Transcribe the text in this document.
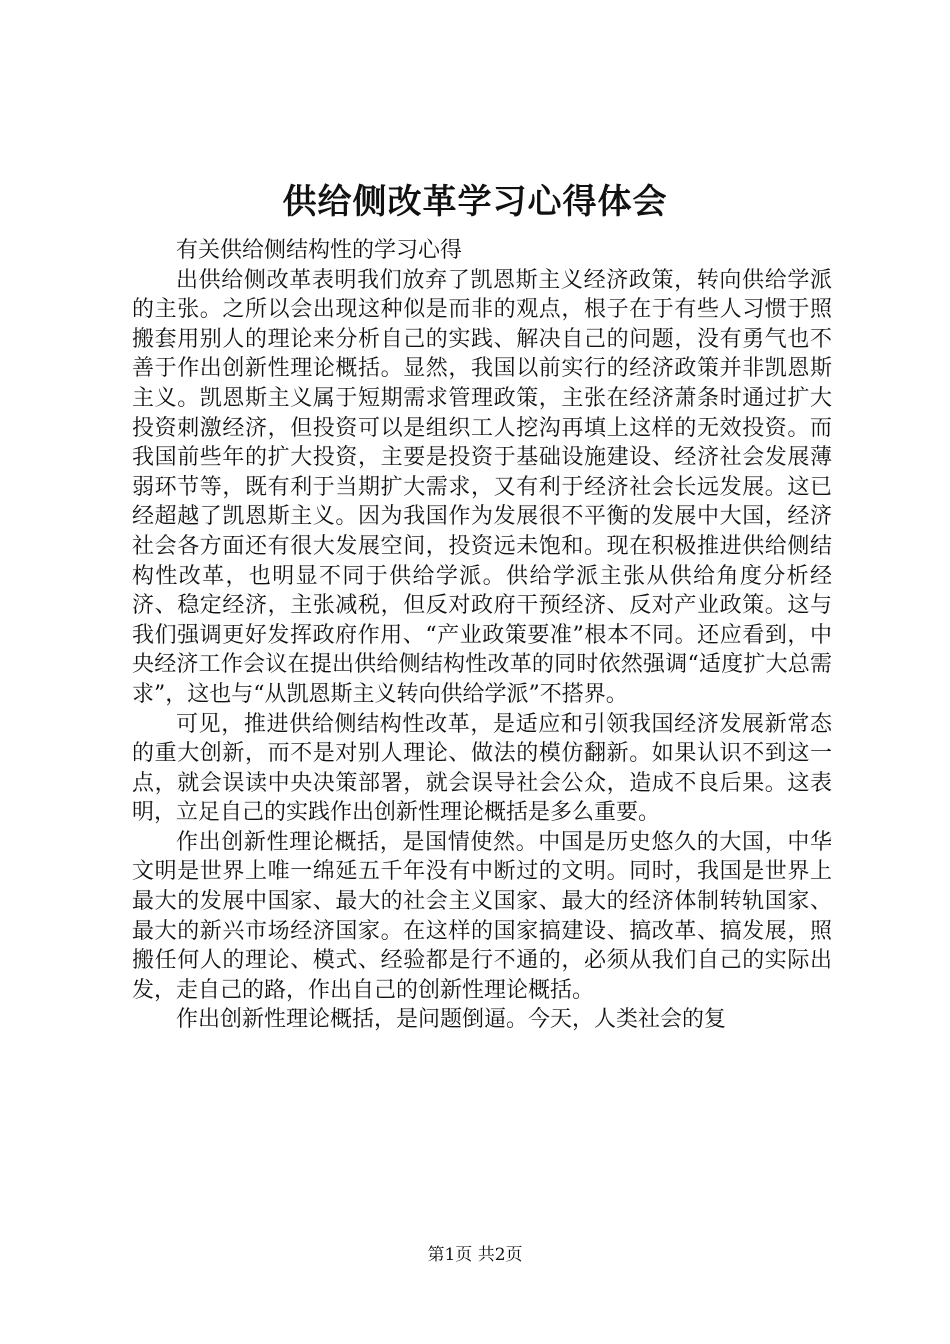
供给侧改革学习心得体会

有关供给侧结构性的学习心得

出供给侧改革表明我们放弃了凯恩斯主义经济政策，转向供给学派的主张。之所以会出现这种似是而非的观点，根子在于有些人习惯于照搬套用别人的理论来分析自己的实践、解决自己的问题，没有勇气也不善于作出创新性理论概括。显然，我国以前实行的经济政策并非凯恩斯主义。凯恩斯主义属于短期需求管理政策，主张在经济萧条时通过扩大投资刺激经济，但投资可以是组织工人挖沟再填上这样的无效投资。而我国前些年的扩大投资，主要是投资于基础设施建设、经济社会发展薄弱环节等，既有利于当期扩大需求，又有利于经济社会长远发展。这已经超越了凯恩斯主义。因为我国作为发展很不平衡的发展中大国，经济社会各方面还有很大发展空间，投资远未饱和。现在积极推进供给侧结构性改革，也明显不同于供给学派。供给学派主张从供给角度分析经济、稳定经济，主张减税，但反对政府干预经济、反对产业政策。这与我们强调更好发挥政府作用、“产业政策要准”根本不同。还应看到，中央经济工作会议在提出供给侧结构性改革的同时依然强调“适度扩大总需求”，这也与“从凯恩斯主义转向供给学派”不搭界。

可见，推进供给侧结构性改革，是适应和引领我国经济发展新常态的重大创新，而不是对别人理论、做法的模仿翻新。如果认识不到这一点，就会误读中央决策部署，就会误导社会公众，造成不良后果。这表明，立足自己的实践作出创新性理论概括是多么重要。

作出创新性理论概括，是国情使然。中国是历史悠久的大国，中华文明是世界上唯一绵延五千年没有中断过的文明。同时，我国是世界上最大的发展中国家、最大的社会主义国家、最大的经济体制转轨国家、最大的新兴市场经济国家。在这样的国家搞建设、搞改革、搞发展，照搬任何人的理论、模式、经验都是行不通的，必须从我们自己的实际出发，走自己的路，作出自己的创新性理论概括。

作出创新性理论概括，是问题倒逼。今天，人类社会的复

第1页 共2页
